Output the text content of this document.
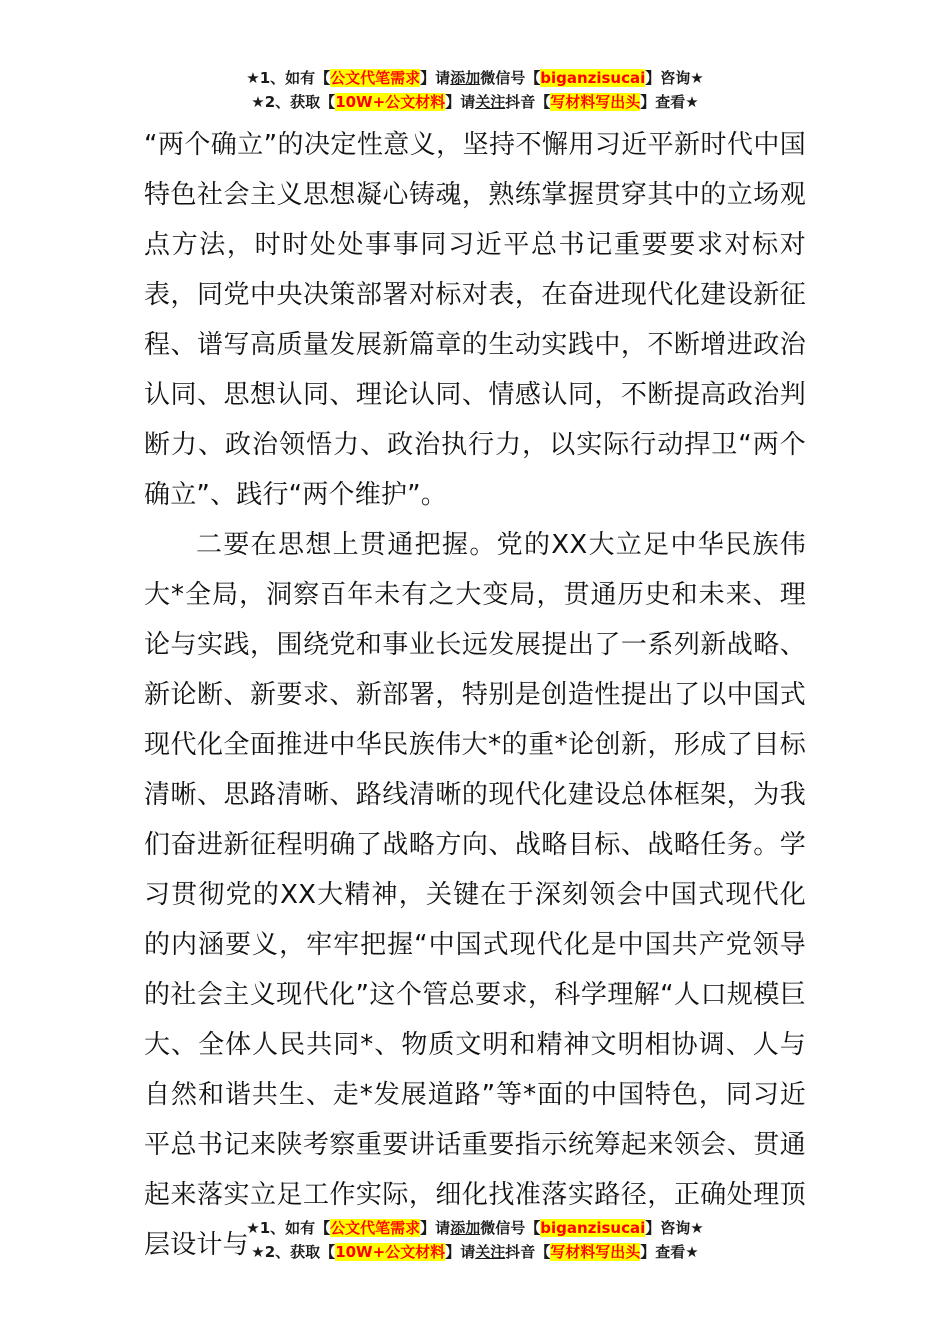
★1、如有【公文代笔需求】请添加微信号【biganzisucai】咨询★
★2、获取【10W+公文材料】请关注抖音【写材料写出头】查看★

“两个确立”的决定性意义，坚持不懈用习近平新时代中国特色社会主义思想凝心铸魂，熟练掌握贯穿其中的立场观点方法，时时处处事事同习近平总书记重要要求对标对表，同党中央决策部署对标对表，在奋进现代化建设新征程、谱写高质量发展新篇章的生动实践中，不断增进政治认同、思想认同、理论认同、情感认同，不断提高政治判断力、政治领悟力、政治执行力，以实际行动捍卫“两个确立”、践行“两个维护”。

二要在思想上贯通把握。党的XX大立足中华民族伟大*全局，洞察百年未有之大变局，贯通历史和未来、理论与实践，围绕党和事业长远发展提出了一系列新战略、新论断、新要求、新部署，特别是创造性提出了以中国式现代化全面推进中华民族伟大*的重*论创新，形成了目标清晰、思路清晰、路线清晰的现代化建设总体框架，为我们奋进新征程明确了战略方向、战略目标、战略任务。学习贯彻党的XX大精神，关键在于深刻领会中国式现代化的内涵要义，牢牢把握“中国式现代化是中国共产党领导的社会主义现代化”这个管总要求，科学理解“人口规模巨大、全体人民共同*、物质文明和精神文明相协调、人与自然和谐共生、走*发展道路”等*面的中国特色，同习近平总书记来陕考察重要讲话重要指示统筹起来领会、贯通起来落实立足工作实际，细化找准落实路径，正确处理顶层设计与

★1、如有【公文代笔需求】请添加微信号【biganzisucai】咨询★
★2、获取【10W+公文材料】请关注抖音【写材料写出头】查看★
